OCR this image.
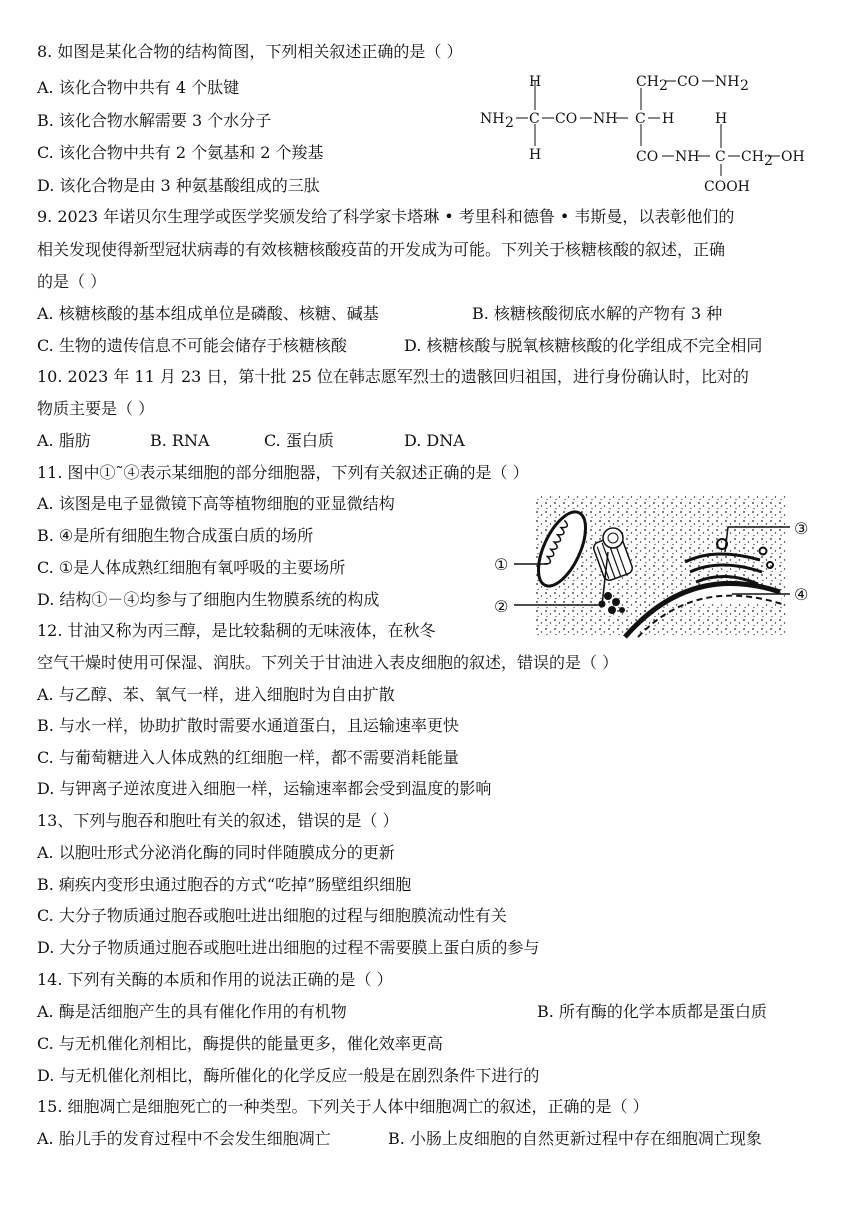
8. 如图是某化合物的结构简图，下列相关叙述正确的是（ ）
A. 该化合物中共有 4 个肽键
B. 该化合物水解需要 3 个水分子
C. 该化合物中共有 2 个氨基和 2 个羧基
D. 该化合物是由 3 种氨基酸组成的三肽
H
NH 2 C
H
CO NH C H
CH 2 CO NH 2
CO NH
H
C CH 2 OH
COOH
9. 2023 年诺贝尔生理学或医学奖颁发给了科学家卡塔琳 • 考里科和德鲁 • 韦斯曼，以表彰他们的
相关发现使得新型冠状病毒的有效核糖核酸疫苗的开发成为可能。下列关于核糖核酸的叙述，正确
的是（ ）
A. 核糖核酸的基本组成单位是磷酸、核糖、碱基	B. 核糖核酸彻底水解的产物有 3 种
C. 生物的遗传信息不可能会储存于核糖核酸	D. 核糖核酸与脱氧核糖核酸的化学组成不完全相同
10. 2023 年 11 月 23 日，第十批 25 位在韩志愿军烈士的遗骸回归祖国，进行身份确认时，比对的
物质主要是（ ）
A. 脂肪	B. RNA	C. 蛋白质	D. DNA
11. 图中①˜④表示某细胞的部分细胞器，下列有关叙述正确的是（ ）
A. 该图是电子显微镜下高等植物细胞的亚显微结构
B. ④是所有细胞生物合成蛋白质的场所
C. ①是人体成熟红细胞有氧呼吸的主要场所
D. 结构①－④均参与了细胞内生物膜系统的构成
①
②
③
④
12. 甘油又称为丙三醇，是比较黏稠的无味液体，在秋冬
空气干燥时使用可保湿、润肤。下列关于甘油进入表皮细胞的叙述，错误的是（ ）
A. 与乙醇、苯、氧气一样，进入细胞时为自由扩散
B. 与水一样，协助扩散时需要水通道蛋白，且运输速率更快
C. 与葡萄糖进入人体成熟的红细胞一样，都不需要消耗能量
D. 与钾离子逆浓度进入细胞一样，运输速率都会受到温度的影响
13、下列与胞吞和胞吐有关的叙述，错误的是（ ）
A. 以胞吐形式分泌消化酶的同时伴随膜成分的更新
B. 痢疾内变形虫通过胞吞的方式“吃掉”肠壁组织细胞
C. 大分子物质通过胞吞或胞吐进出细胞的过程与细胞膜流动性有关
D. 大分子物质通过胞吞或胞吐进出细胞的过程不需要膜上蛋白质的参与
14. 下列有关酶的本质和作用的说法正确的是（ ）
A. 酶是活细胞产生的具有催化作用的有机物	B. 所有酶的化学本质都是蛋白质
C. 与无机催化剂相比，酶提供的能量更多，催化效率更高
D. 与无机催化剂相比，酶所催化的化学反应一般是在剧烈条件下进行的
15. 细胞凋亡是细胞死亡的一种类型。下列关于人体中细胞凋亡的叙述，正确的是（ ）
A. 胎儿手的发育过程中不会发生细胞凋亡	B. 小肠上皮细胞的自然更新过程中存在细胞凋亡现象
